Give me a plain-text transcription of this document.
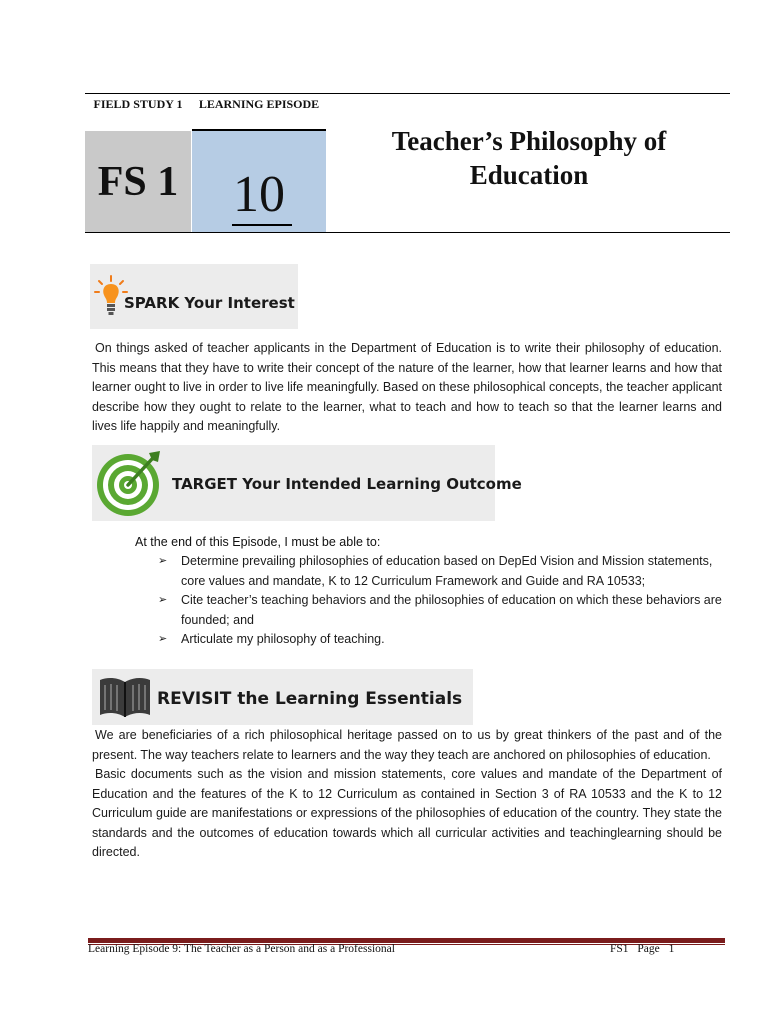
FIELD STUDY 1	LEARNING EPISODE
FS 1	10
Teacher’s Philosophy of Education
SPARK Your Interest
On things asked of teacher applicants in the Department of Education is to write their philosophy of education. This means that they have to write their concept of the nature of the learner, how that learner learns and how that learner ought to live in order to live life meaningfully. Based on these philosophical concepts, the teacher applicant describe how they ought to relate to the learner, what to teach and how to teach so that the learner learns and lives life happily and meaningfully.
TARGET Your Intended Learning Outcome
At the end of this Episode, I must be able to:
➢ Determine prevailing philosophies of education based on DepEd Vision and Mission statements, core values and mandate, K to 12 Curriculum Framework and Guide and RA 10533;
➢ Cite teacher’s teaching behaviors and the philosophies of education on which these behaviors are founded; and
➢ Articulate my philosophy of teaching.
REVISIT the Learning Essentials
We are beneficiaries of a rich philosophical heritage passed on to us by great thinkers of the past and of the present. The way teachers relate to learners and the way they teach are anchored on philosophies of education.
Basic documents such as the vision and mission statements, core values and mandate of the Department of Education and the features of the K to 12 Curriculum as contained in Section 3 of RA 10533 and the K to 12 Curriculum guide are manifestations or expressions of the philosophies of education of the country. They state the standards and the outcomes of education towards which all curricular activities and teachinglearning should be directed.
Learning Episode 9: The Teacher as a Person and as a Professional	FS1 Page 1
